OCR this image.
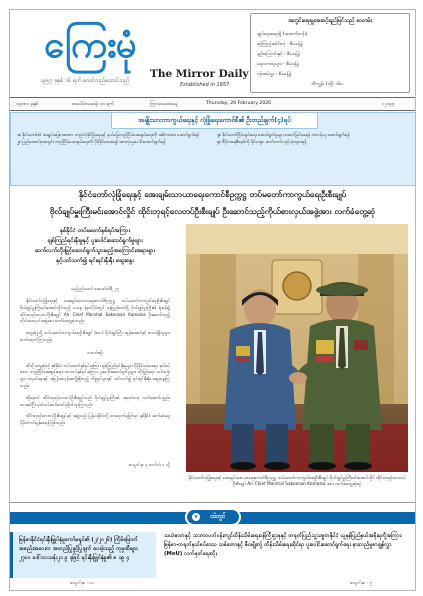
ကြေးမုံ
၁၉၅၇ ခုနှစ် ၁၆ ရက် စတင်တည်ထောင်သည်
The Mirror Daily
Established in 1957
အတွင်းရေးမှူးအဆင့်ရည်မြင်သည် စာတမ်း
ချုပ်ရေးအရာရှိ (အထက်တန်း)
စဉ်ကြည့်ဒေါင်းလုံ - စီမံခန့်ခွဲ
မျဉ်းကြောင်းနှင့် - စီမံခန့်ခွဲ
ရေးသားသူများ - စီမံခန့်ခွဲ
ဝန်ထမ်းမှူး - စီမံခန့်ခွဲ
ဘီကျွန်း (သို့) ၁၆၀
၁၄၈၈၁ ခုနှစ်	တပေါင်းလဆန်း ၁၁ ရက်	ကြာသပတေးနေ့	Thursday, 26 February 2026	၁၂၁၄၄
အမျိုးသားကာကွယ်ရေးနှင့် လုံခြုံရေးကောင်စီ၏ ဦးတည်ချက်(၄)ရပ်
၁။ နိုင်ငံတော်၏ အချုပ်အခြာအာဏာ တည်တံ့ခိုင်မြဲရေးနှင့် နယ်မြေတည်ငြိမ်အေးချမ်းရေးကို အဓိကထား ဆောင်ရွက်ရန်
၂။ ပြည်ထောင်စုအတွင်း တည်ငြိမ်အေးချမ်းရေးကို ပိုမိုခိုင်မာစေရန် အားလုံးပူးပေါင်းဆောင်ရွက်ရန်
၃။ နိုင်ငံတော်ငြိမ်းချမ်းရေး ဆောင်ရွက်မှုများ အောင်မြင်စေရန် တာဝန်ယူ ဆောင်ရွက်ရန်
၄။ ဒီမိုကရေစီစနစ်ကို ခိုင်မာစွာ ဆက်လက်ကျင့်သုံးသွားရန်
နိုင်ငံတော်လုံခြုံရေးနှင့် အေးချမ်းသာယာရေးကောင်စီဥက္ကဋ္ဌ တပ်မတော်ကာကွယ်ရေးဦးစီးချုပ်
ဗိုလ်ချုပ်မှူးကြီးမင်းအောင်လှိုင် ထိုင်းဘုရင့်လေတပ်ဦးစီးချုပ် ဦးဆောင်သည့်ကိုယ်စားလှယ်အဖွဲ့အား လက်ခံတွေ့ဆုံ
နှစ်နိုင်ငံ တပ်မတော်နှစ်ရပ်အကြား
ချစ်ကြည်ရင်းနှီးမှုနှင့် ပူးပေါင်းဆောင်ရွက်မှုများ
ဆက်လက်တိုးမြှင့်ဆောင်ရွက်သွားမည့်အကြောင်းအရာများ
နှင့်ပတ်သက်၍ ရင်းရင်းနှီးနှီး ဆွေးနွေး
နေပြည်တော် ဖေဖော်ဝါရီ ၂၅

နိုင်ငံတော်လုံခြုံရေးနှင့် အေးချမ်းသာယာရေးကောင်စီဥက္ကဋ္ဌ တပ်မတော်ကာကွယ်ရေးဦးစီးချုပ် ဗိုလ်ချုပ်မှူးကြီးမင်းအောင်လှိုင်သည် ယနေ့ နံနက်ပိုင်းတွင် နေပြည်တော်ရှိ ဗိုလ်ချုပ်မှူးကြီး၏ ရုံးခန်း၌ ထိုင်းဘုရင့်လေတပ်ဦးစီးချုပ် Air Chief Marshal Sakonsan Kamolsa ဦးဆောင်သည့် ကိုယ်စားလှယ်အဖွဲ့အား လက်ခံတွေ့ဆုံသည်။

တွေ့ဆုံပွဲသို့ တပ်မတော်ကာကွယ်ရေးဦးစီးချုပ် (လေ) ဗိုလ်ချုပ်ကြီး ထွန်းအောင်နှင့် တာဝန်ရှိသူများ တက်ရောက်ကြသည်။

သတင်းစဉ်

ထိုသို့ တွေ့ဆုံစဉ် နှစ်နိုင်ငံ တပ်မတော်နှစ်ရပ်အကြား ချစ်ကြည်ရင်းနှီးမှုများ ပိုမိုခိုင်မာစေရေး၊ နယ်စပ်ဒေသ တည်ငြိမ်အေးချမ်းရေး၊ လေတပ်နှစ်ရပ်အကြား ပူးပေါင်းဆောင်ရွက်မှုများ တိုးမြှင့်ရေး၊ သင်တန်းများ ဖလှယ်ရေးနှင့် အပြန်အလှန်အကျိုးရှိသည့် ကိစ္စရပ်များနှင့် ပတ်သက်၍ ရင်းရင်းနှီးနှီး ဆွေးနွေးကြသည်။

ထို့နောက် ထိုင်းဘုရင့်လေတပ်ဦးစီးချုပ်သည် ဗိုလ်ချုပ်မှူးကြီးထံ အမှတ်တရ လက်ဆောင်ပစ္စည်း ပေးအပ်ပြီး မှတ်တမ်းတင်ဓာတ်ပုံရိုက်ကူးကြသည်။

ထိုင်းဘုရင့်လေတပ်ဦးစီးချုပ်နှင့် အဖွဲ့သည် မြန်မာနိုင်ငံသို့ လာရောက်ရခြင်းမှာ နှစ်နိုင်ငံ ဆက်ဆံရေး ပိုမိုကောင်းမွန်စေရန် ဖြစ်သည်။

စာမျက်နှာ ၃ ကော်လံ ၁ သို့
နိုင်ငံတော်လုံခြုံရေးနှင့် အေးချမ်းသာယာရေးကောင်စီဥက္ကဋ္ဌ တပ်မတော်ကာကွယ်ရေးဦးစီးချုပ် ဗိုလ်ချုပ်မှူးကြီးမင်းအောင်လှိုင် ထိုင်းဘုရင့်လေတပ်ဦးစီးချုပ် Air Chief Marshal Sakonsan Kamolsa အား လက်ခံတွေ့ဆုံစဉ်
★ ထဲတွင်
မြန်မာနိုင်ငံရင်းနှီးမြှုပ်နှံမှုကော်မရှင်၏ (၂/၂၀၂၆) ကြိမ်မြောက် အစည်းအဝေးက အတည်ပြုခွင့်ပြုချက် ပေးခဲ့သည့် ကုမ္ပဏီများ ၂၇၀၀ ဒေါ်လာသန်း၂၁ ၉ ခုဖြင့် ရင်းနှီးမြှုပ်နှံမှု၏ ၈ ၁၉ ၄
သယံဇာတနှင့် သဘာဝပတ်ဝန်းကျင်ထိန်းသိမ်းရေးဝန်ကြီးဌာနနှင့် တရုတ်ပြည်သူ့သမ္မတနိုင်ငံ ယူနန်ပြည်နယ်အစိုးရတို့အကြား မြန်မာ-တရုတ်နယ်စပ်ဒေသ သစ်တောနှင့် ဇီဝမျိုးကွဲ ထိန်းသိမ်းရေးဆိုင်ရာ ပူးပေါင်းဆောင်ရွက်ရေး နားလည်မှုစာချွန်လွှာ (MoU) လက်မှတ်ရေးထိုး
စာမျက်နှာ - ၁၁	စာမျက်နှာ - ၅
